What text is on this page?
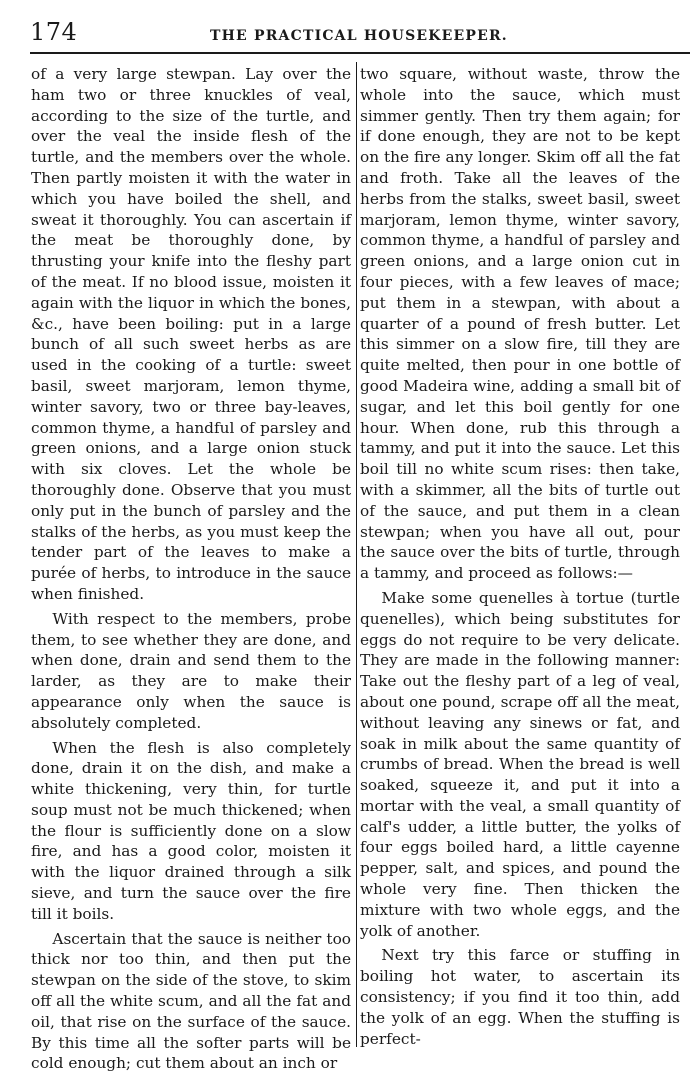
174	THE PRACTICAL HOUSEKEEPER.

of a very large stewpan. Lay over the ham two or three knuckles of veal, according to the size of the turtle, and over the veal the inside flesh of the turtle, and the members over the whole. Then partly moisten it with the water in which you have boiled the shell, and sweat it thoroughly. You can ascertain if the meat be thoroughly done, by thrusting your knife into the fleshy part of the meat. If no blood issue, moisten it again with the liquor in which the bones, &c., have been boiling: put in a large bunch of all such sweet herbs as are used in the cooking of a turtle: sweet basil, sweet marjoram, lemon thyme, winter savory, two or three bay-leaves, common thyme, a handful of parsley and green onions, and a large onion stuck with six cloves. Let the whole be thoroughly done. Observe that you must only put in the bunch of parsley and the stalks of the herbs, as you must keep the tender part of the leaves to make a purée of herbs, to introduce in the sauce when finished.

With respect to the members, probe them, to see whether they are done, and when done, drain and send them to the larder, as they are to make their appearance only when the sauce is absolutely completed.

When the flesh is also completely done, drain it on the dish, and make a white thickening, very thin, for turtle soup must not be much thickened; when the flour is sufficiently done on a slow fire, and has a good color, moisten it with the liquor drained through a silk sieve, and turn the sauce over the fire till it boils.

Ascertain that the sauce is neither too thick nor too thin, and then put the stewpan on the side of the stove, to skim off all the white scum, and all the fat and oil, that rise on the surface of the sauce. By this time all the softer parts will be cold enough; cut them about an inch or

two square, without waste, throw the whole into the sauce, which must simmer gently. Then try them again; for if done enough, they are not to be kept on the fire any longer. Skim off all the fat and froth. Take all the leaves of the herbs from the stalks, sweet basil, sweet marjoram, lemon thyme, winter savory, common thyme, a handful of parsley and green onions, and a large onion cut in four pieces, with a few leaves of mace; put them in a stewpan, with about a quarter of a pound of fresh butter. Let this simmer on a slow fire, till they are quite melted, then pour in one bottle of good Madeira wine, adding a small bit of sugar, and let this boil gently for one hour. When done, rub this through a tammy, and put it into the sauce. Let this boil till no white scum rises: then take, with a skimmer, all the bits of turtle out of the sauce, and put them in a clean stewpan; when you have all out, pour the sauce over the bits of turtle, through a tammy, and proceed as follows:—

Make some quenelles à tortue (turtle quenelles), which being substitutes for eggs do not require to be very delicate. They are made in the following manner: Take out the fleshy part of a leg of veal, about one pound, scrape off all the meat, without leaving any sinews or fat, and soak in milk about the same quantity of crumbs of bread. When the bread is well soaked, squeeze it, and put it into a mortar with the veal, a small quantity of calf's udder, a little butter, the yolks of four eggs boiled hard, a little cayenne pepper, salt, and spices, and pound the whole very fine. Then thicken the mixture with two whole eggs, and the yolk of another.

Next try this farce or stuffing in boiling hot water, to ascertain its consistency; if you find it too thin, add the yolk of an egg. When the stuffing is perfect-
